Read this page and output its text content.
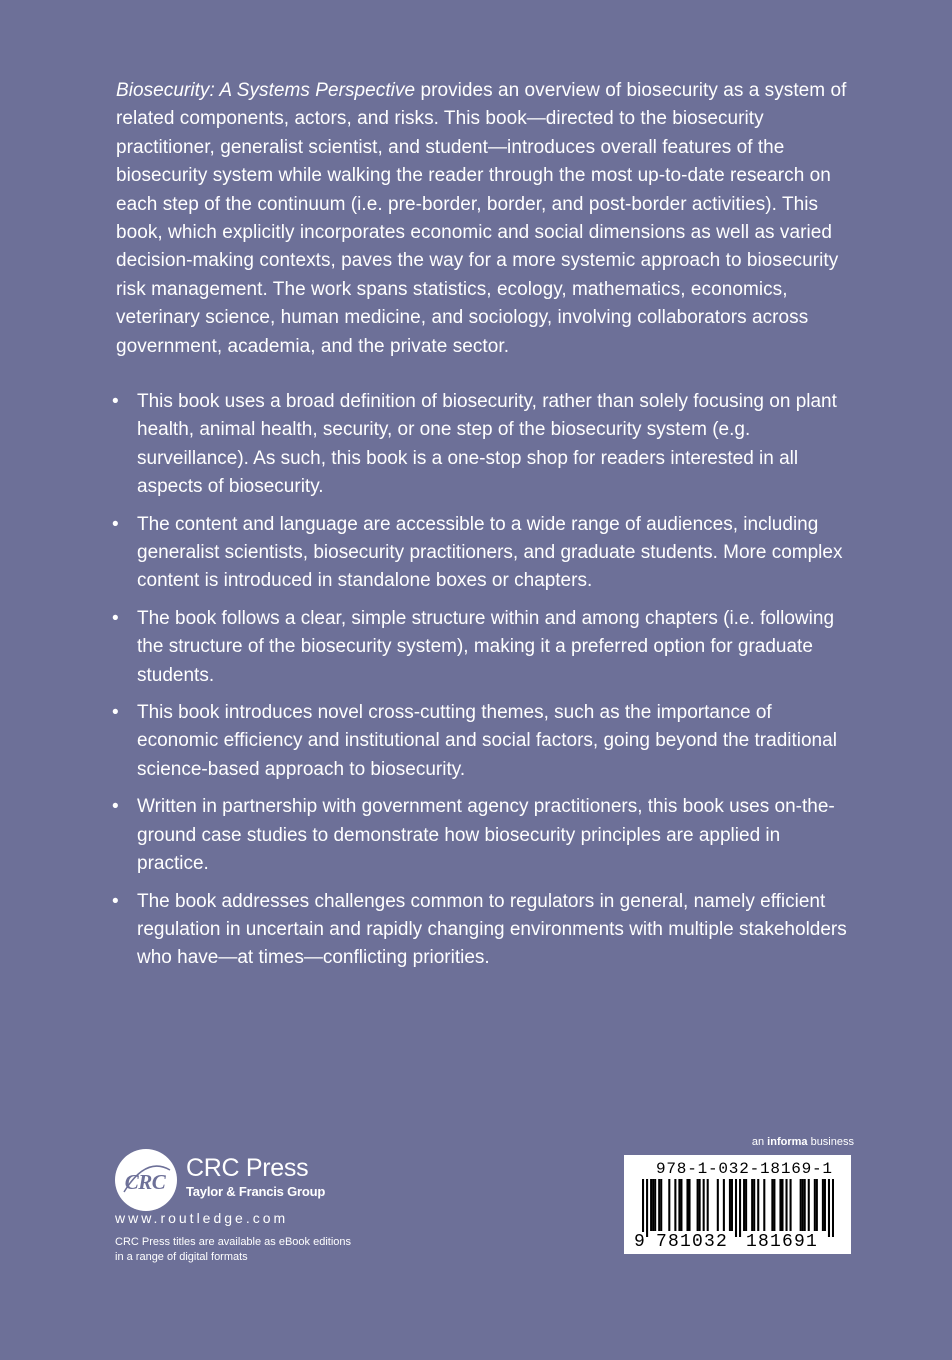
Biosecurity: A Systems Perspective provides an overview of biosecurity as a system of related components, actors, and risks. This book—directed to the biosecurity practitioner, generalist scientist, and student—introduces overall features of the biosecurity system while walking the reader through the most up-to-date research on each step of the continuum (i.e. pre-border, border, and post-border activities). This book, which explicitly incorporates economic and social dimensions as well as varied decision-making contexts, paves the way for a more systemic approach to biosecurity risk management. The work spans statistics, ecology, mathematics, economics, veterinary science, human medicine, and sociology, involving collaborators across government, academia, and the private sector.

• This book uses a broad definition of biosecurity, rather than solely focusing on plant health, animal health, security, or one step of the biosecurity system (e.g. surveillance). As such, this book is a one-stop shop for readers interested in all aspects of biosecurity.
• The content and language are accessible to a wide range of audiences, including generalist scientists, biosecurity practitioners, and graduate students. More complex content is introduced in standalone boxes or chapters.
• The book follows a clear, simple structure within and among chapters (i.e. following the structure of the biosecurity system), making it a preferred option for graduate students.
• This book introduces novel cross-cutting themes, such as the importance of economic efficiency and institutional and social factors, going beyond the traditional science-based approach to biosecurity.
• Written in partnership with government agency practitioners, this book uses on-the-ground case studies to demonstrate how biosecurity principles are applied in practice.
• The book addresses challenges common to regulators in general, namely efficient regulation in uncertain and rapidly changing environments with multiple stakeholders who have—at times—conflicting priorities.
CRC CRC Press
Taylor & Francis Group
www.routledge.com
CRC Press titles are available as eBook editions
in a range of digital formats
an informa business
978-1-032-18169-1
9 781032 181691
